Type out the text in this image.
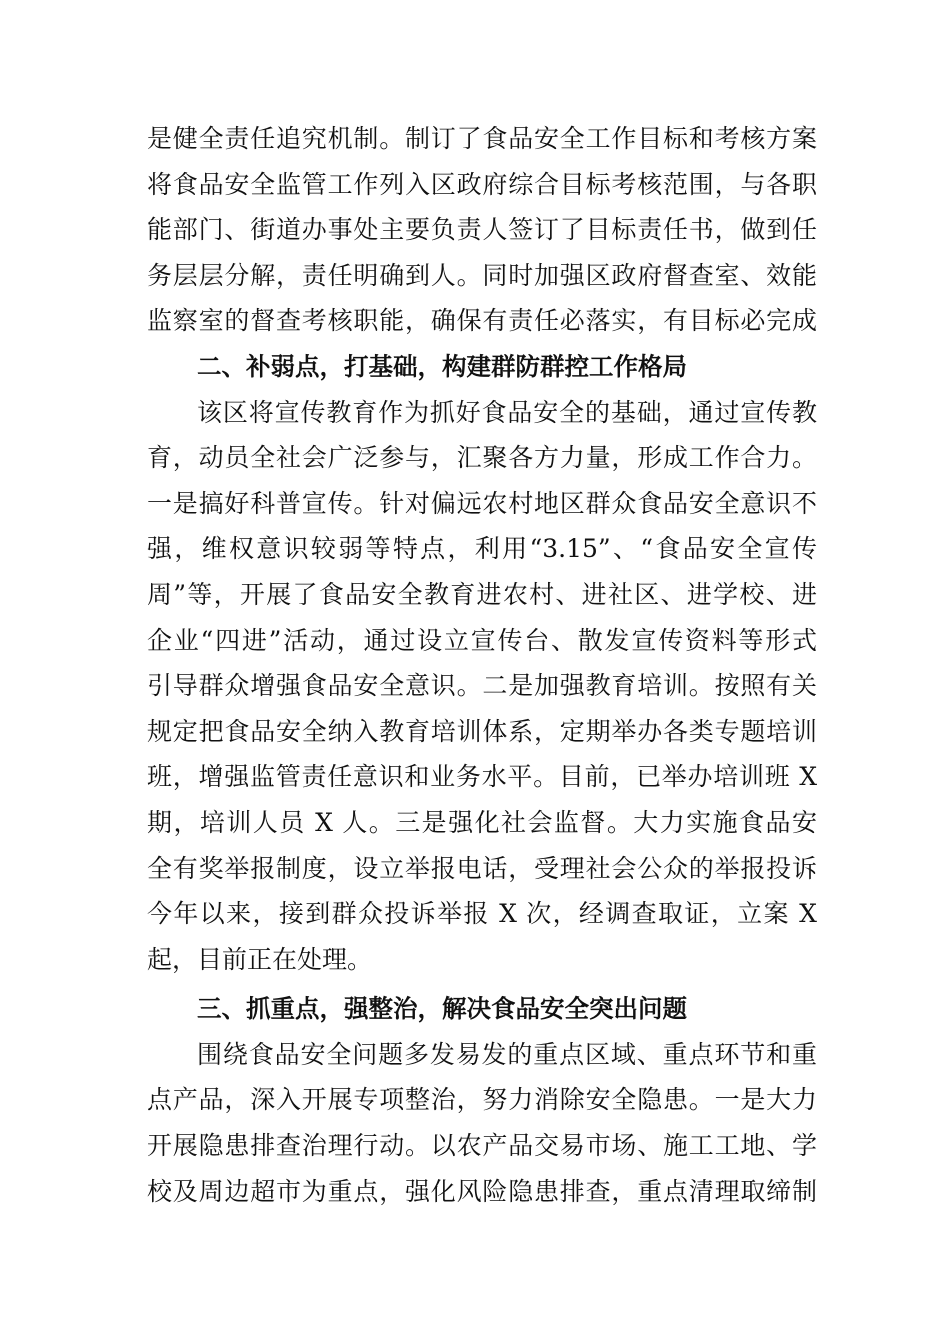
是健全责任追究机制。制订了食品安全工作目标和考核方案
将食品安全监管工作列入区政府综合目标考核范围，与各职
能部门、街道办事处主要负责人签订了目标责任书，做到任
务层层分解，责任明确到人。同时加强区政府督查室、效能
监察室的督查考核职能，确保有责任必落实，有目标必完成
二、补弱点，打基础，构建群防群控工作格局
该区将宣传教育作为抓好食品安全的基础，通过宣传教
育，动员全社会广泛参与，汇聚各方力量，形成工作合力。
一是搞好科普宣传。针对偏远农村地区群众食品安全意识不
强，维权意识较弱等特点，利用“3.15”、“食品安全宣传
周”等，开展了食品安全教育进农村、进社区、进学校、进
企业“四进”活动，通过设立宣传台、散发宣传资料等形式
引导群众增强食品安全意识。二是加强教育培训。按照有关
规定把食品安全纳入教育培训体系，定期举办各类专题培训
班，增强监管责任意识和业务水平。目前，已举办培训班 X
期，培训人员 X 人。三是强化社会监督。大力实施食品安
全有奖举报制度，设立举报电话，受理社会公众的举报投诉
今年以来，接到群众投诉举报 X 次，经调查取证，立案 X
起，目前正在处理。
三、抓重点，强整治，解决食品安全突出问题
围绕食品安全问题多发易发的重点区域、重点环节和重
点产品，深入开展专项整治，努力消除安全隐患。一是大力
开展隐患排查治理行动。以农产品交易市场、施工工地、学
校及周边超市为重点，强化风险隐患排查，重点清理取缔制
